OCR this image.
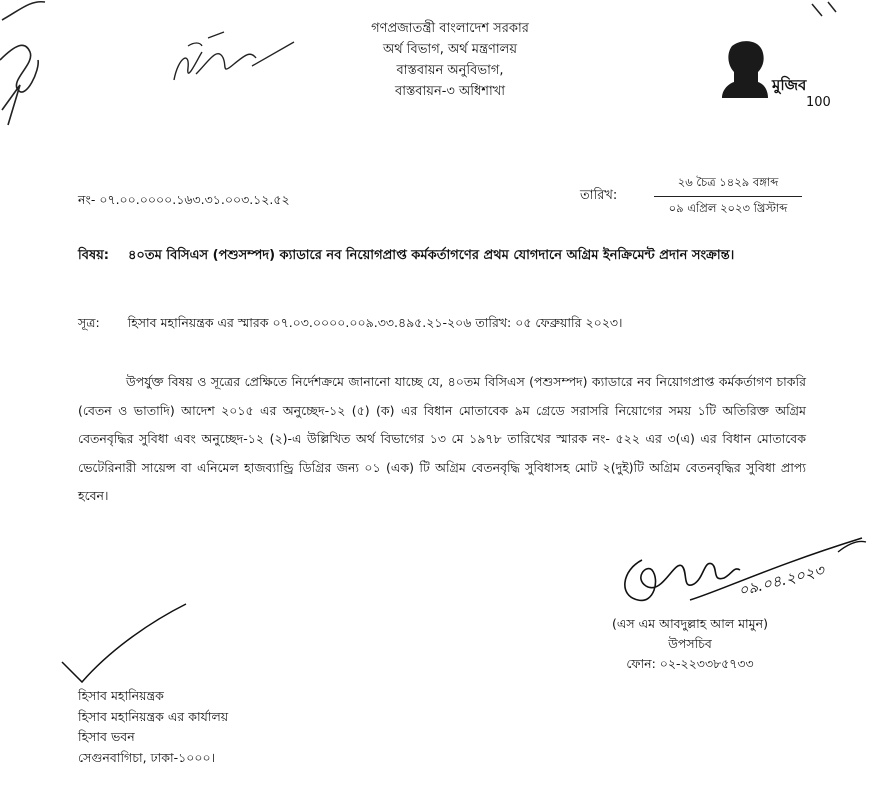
গণপ্রজাতন্ত্রী বাংলাদেশ সরকার
অর্থ বিভাগ, অর্থ মন্ত্রণালয়
বাস্তবায়ন অনুবিভাগ,
বাস্তবায়ন-৩ অধিশাখা	মুজিব
100
নং- ০৭.০০.০০০০.১৬৩.৩১.০০৩.১২.৫২	তারিখ:
২৬ চৈত্র ১৪২৯ বঙ্গাব্দ
০৯ এপ্রিল ২০২৩ খ্রিস্টাব্দ
বিষয়: ৪০তম বিসিএস (পশুসম্পদ) ক্যাডারে নব নিয়োগপ্রাপ্ত কর্মকর্তাগণের প্রথম যোগদানে অগ্রিম ইনক্রিমেন্ট প্রদান সংক্রান্ত।
সূত্র: হিসাব মহানিয়ন্ত্রক এর স্মারক ০৭.০৩.০০০০.০০৯.৩৩.৪৯৫.২১-২০৬ তারিখ: ০৫ ফেব্রুয়ারি ২০২৩।

উপর্যুক্ত বিষয় ও সূত্রের প্রেক্ষিতে নির্দেশক্রমে জানানো যাচ্ছে যে, ৪০তম বিসিএস (পশুসম্পদ) ক্যাডারে নব নিয়োগপ্রাপ্ত কর্মকর্তাগণ চাকরি (বেতন ও ভাতাদি) আদেশ ২০১৫ এর অনুচ্ছেদ-১২ (৫) (ক) এর বিধান মোতাবেক ৯ম গ্রেডে সরাসরি নিয়োগের সময় ১টি অতিরিক্ত অগ্রিম বেতনবৃদ্ধির সুবিধা এবং অনুচ্ছেদ-১২ (২)-এ উল্লিখিত অর্থ বিভাগের ১৩ মে ১৯৭৮ তারিখের স্মারক নং- ৫২২ এর ৩(এ) এর বিধান মোতাবেক ভেটেরিনারী সায়েন্স বা এনিমেল হাজব্যান্ড্রি ডিগ্রির জন্য ০১ (এক) টি অগ্রিম বেতনবৃদ্ধি সুবিধাসহ মোট ২(দুই)টি অগ্রিম বেতনবৃদ্ধির সুবিধা প্রাপ্য হবেন।

০৯.০৪.২০২৩
(এস এম আবদুল্লাহ আল মামুন)
উপসচিব
ফোন: ০২-২২৩৩৮৫৭৩৩
হিসাব মহানিয়ন্ত্রক
হিসাব মহানিয়ন্ত্রক এর কার্যালয়
হিসাব ভবন
সেগুনবাগিচা, ঢাকা-১০০০।
